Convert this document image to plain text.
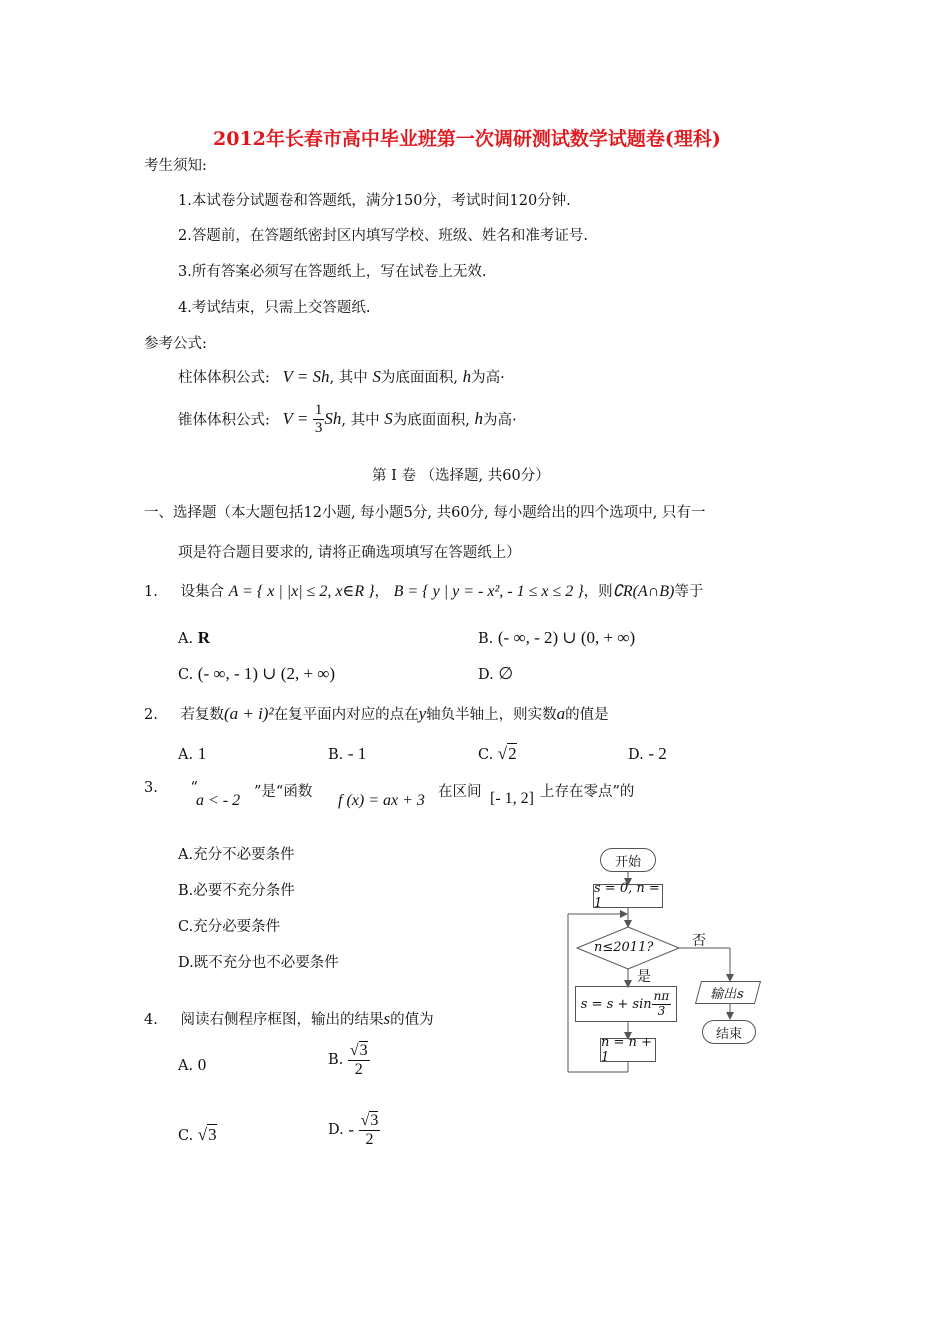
2012年长春市高中毕业班第一次调研测试数学试题卷(理科)
考生须知:
1.本试卷分试题卷和答题纸，满分150分，考试时间120分钟.
2.答题前，在答题纸密封区内填写学校、班级、姓名和准考证号.
3.所有答案必须写在答题纸上，写在试卷上无效.
4.考试结束，只需上交答题纸.
参考公式:
柱体体积公式: V = Sh, 其中 S为底面面积, h为高·
锥体体积公式: $V = \frac{1}{3} Sh$, 其中 S为底面面积, h为高·
第 I 卷 （选择题, 共60分）
一、选择题（本大题包括12小题, 每小题5分, 共60分, 每小题给出的四个选项中, 只有一
项是符合题目要求的, 请将正确选项填写在答题纸上）
1. 设集合 A = { x | |x| ≤ 2, x∈R }， B = { y | y = - x², - 1 ≤ x ≤ 2 }，则∁R(A∩B)等于
A. R	B. (- ∞, - 2) ∪ (0, + ∞)
C. (- ∞, - 1) ∪ (2, + ∞)	D. ∅
2. 若复数(a + i)²在复平面内对应的点在y轴负半轴上，则实数a的值是
A. 1	B. - 1	C. √2	D. - 2
3. “
a < - 2 ”是“函数 f (x) = ax + 3 在区间 [- 1, 2] 上存在零点”的
A.充分不必要条件
B.必要不充分条件
C.充分必要条件
D.既不充分也不必要条件
4. 阅读右侧程序框图，输出的结果s的值为
A. 0	B. $\frac{√3}{2}$
C. √3	D. - $\frac{√3}{2}$
开始
s = 0, n = 1
n≤2011?	否
是
$s = s + \sin \frac{n\pi}{3}$
n = n + 1
输出s
结束
